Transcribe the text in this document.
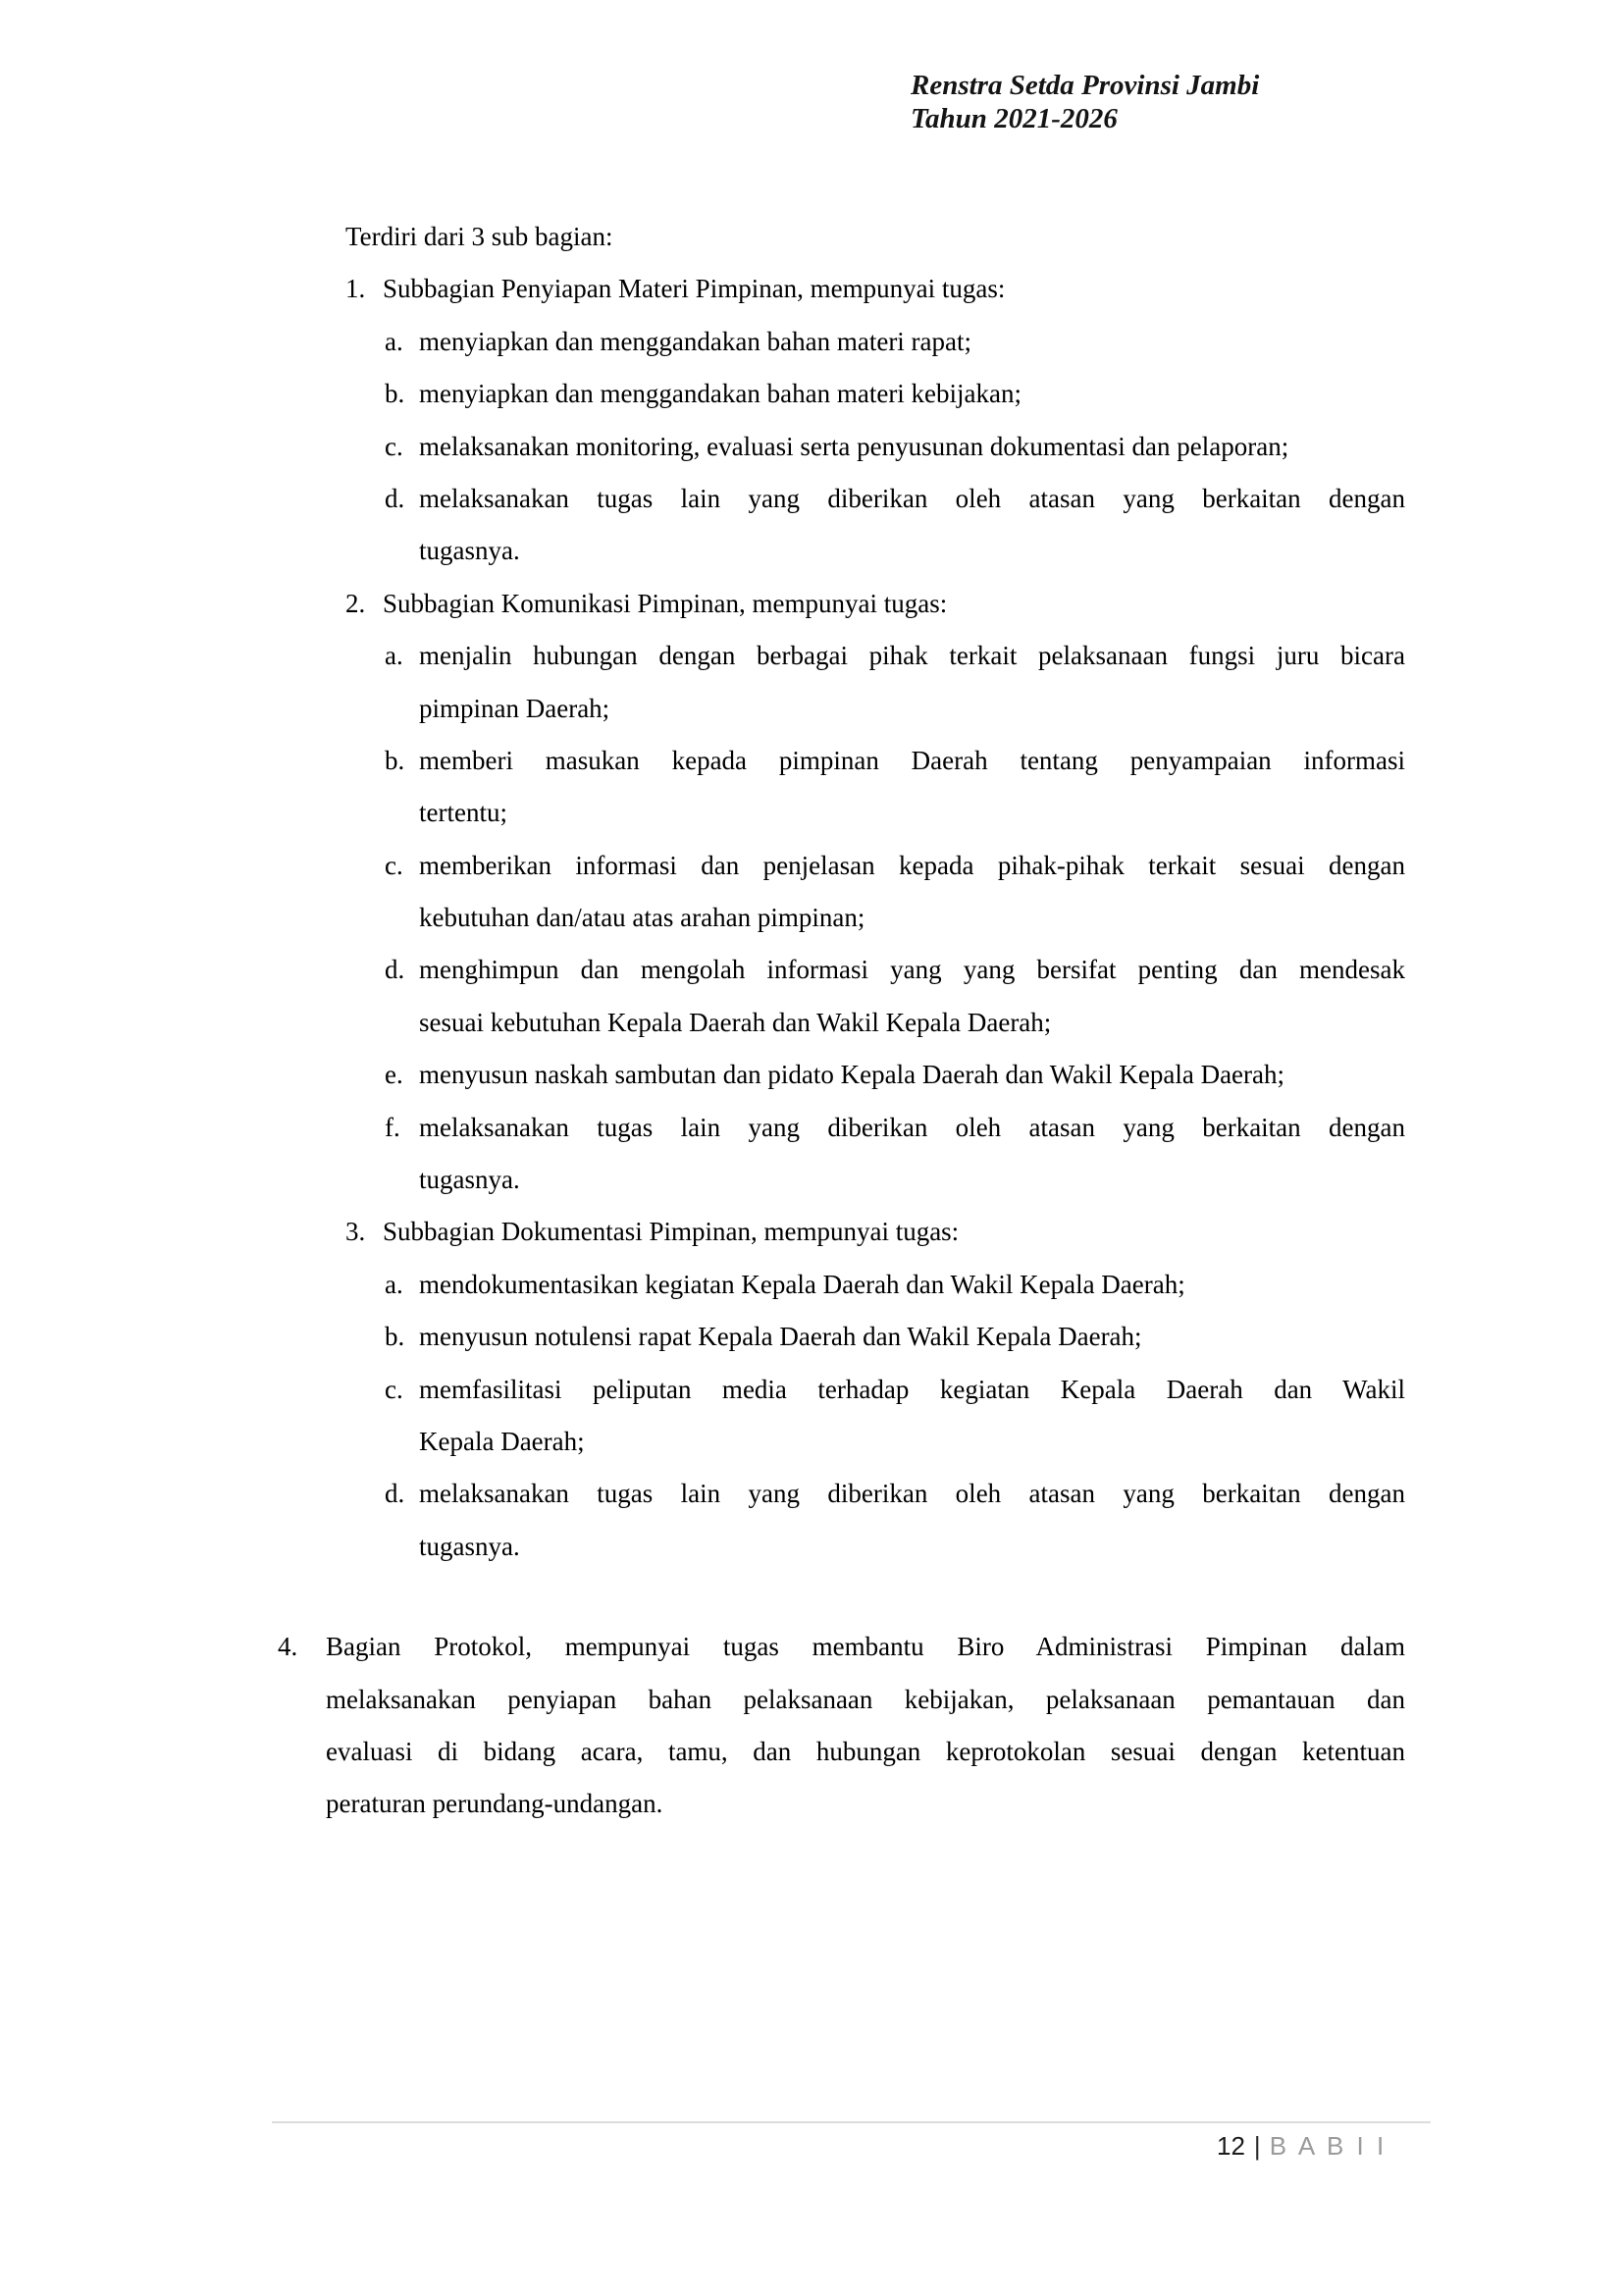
Renstra Setda Provinsi Jambi
Tahun 2021-2026
Terdiri dari 3 sub bagian:
1. Subbagian Penyiapan Materi Pimpinan, mempunyai tugas:
a. menyiapkan dan menggandakan bahan materi rapat;
b. menyiapkan dan menggandakan bahan materi kebijakan;
c. melaksanakan monitoring, evaluasi serta penyusunan dokumentasi dan pelaporan;
d. melaksanakan tugas lain yang diberikan oleh atasan yang berkaitan dengan
tugasnya.
2. Subbagian Komunikasi Pimpinan, mempunyai tugas:
a. menjalin hubungan dengan berbagai pihak terkait pelaksanaan fungsi juru bicara
pimpinan Daerah;
b. memberi masukan kepada pimpinan Daerah tentang penyampaian informasi
tertentu;
c. memberikan informasi dan penjelasan kepada pihak-pihak terkait sesuai dengan
kebutuhan dan/atau atas arahan pimpinan;
d. menghimpun dan mengolah informasi yang yang bersifat penting dan mendesak
sesuai kebutuhan Kepala Daerah dan Wakil Kepala Daerah;
e. menyusun naskah sambutan dan pidato Kepala Daerah dan Wakil Kepala Daerah;
f. melaksanakan tugas lain yang diberikan oleh atasan yang berkaitan dengan
tugasnya.
3. Subbagian Dokumentasi Pimpinan, mempunyai tugas:
a. mendokumentasikan kegiatan Kepala Daerah dan Wakil Kepala Daerah;
b. menyusun notulensi rapat Kepala Daerah dan Wakil Kepala Daerah;
c. memfasilitasi peliputan media terhadap kegiatan Kepala Daerah dan Wakil
Kepala Daerah;
d. melaksanakan tugas lain yang diberikan oleh atasan yang berkaitan dengan
tugasnya.
4. Bagian Protokol, mempunyai tugas membantu Biro Administrasi Pimpinan dalam
melaksanakan penyiapan bahan pelaksanaan kebijakan, pelaksanaan pemantauan dan
evaluasi di bidang acara, tamu, dan hubungan keprotokolan sesuai dengan ketentuan
peraturan perundang-undangan.
12 | B A B I I
